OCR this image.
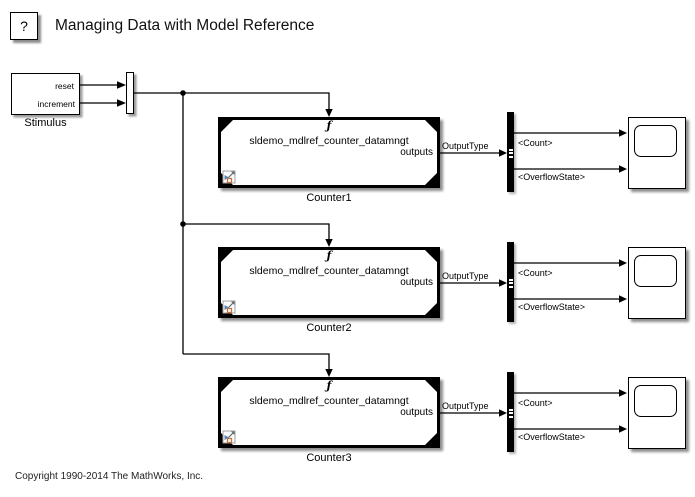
?	Managing Data with Model Reference
reset
increment
Stimulus	ƒ
sldemo_mdlref_counter_datamngt
outputs
Counter1
OutputType	<Count>
<OverflowState>
ƒ
sldemo_mdlref_counter_datamngt
outputs
Counter2
OutputType	<Count>
<OverflowState>
ƒ
sldemo_mdlref_counter_datamngt
outputs
Counter3
OutputType	<Count>
<OverflowState>
Copyright 1990-2014 The MathWorks, Inc.
